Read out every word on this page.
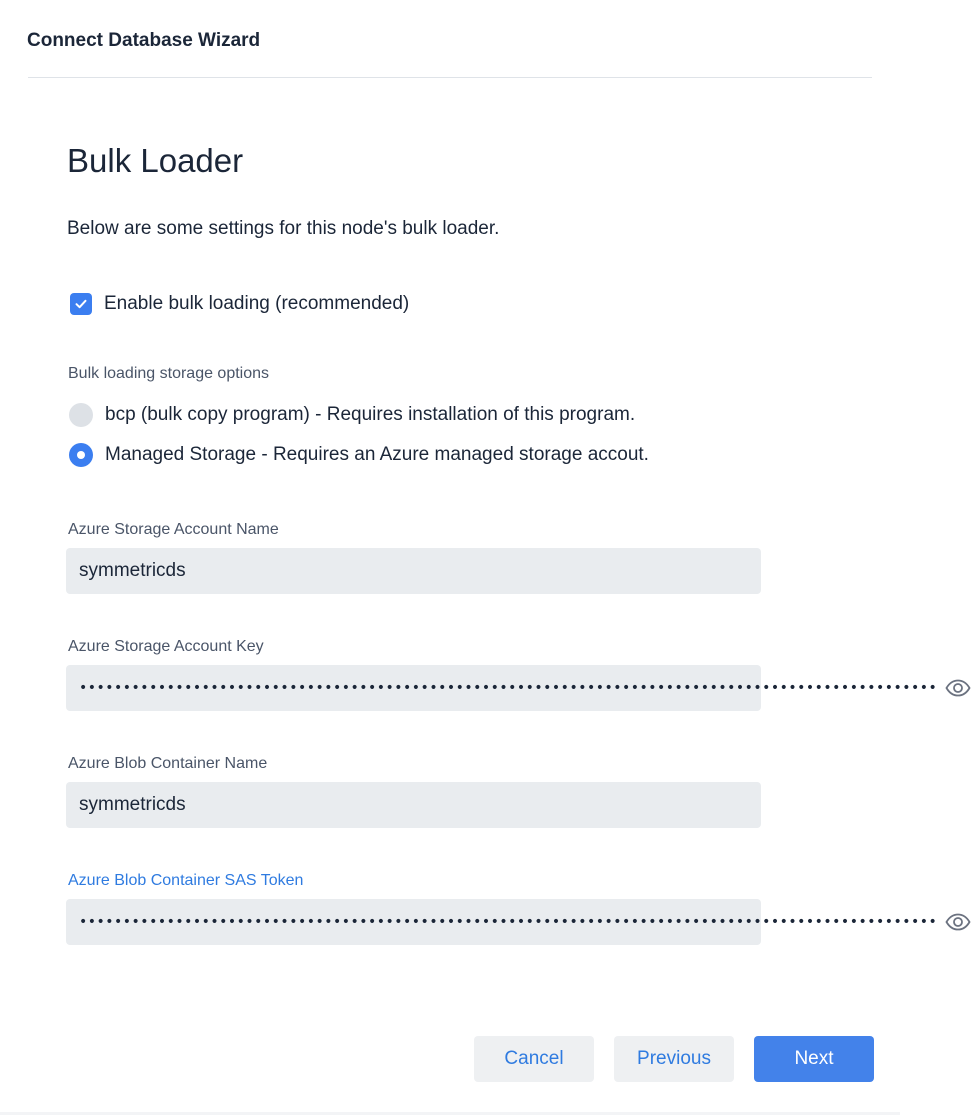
Connect Database Wizard
Bulk Loader

Below are some settings for this node's bulk loader.

Enable bulk loading (recommended)
Bulk loading storage options
bcp (bulk copy program) - Requires installation of this program.
Managed Storage - Requires an Azure managed storage accout.
Azure Storage Account Name
symmetricds
Azure Storage Account Key
••••••••••••••••••••••••••••••••••••••••••••••••••••••••••••••••••••••••••••••••••••••••••••••••••
Azure Blob Container Name
symmetricds
Azure Blob Container SAS Token
••••••••••••••••••••••••••••••••••••••••••••••••••••••••••••••••••••••••••••••••••••••••••••••••••
Cancel	Previous	Next
